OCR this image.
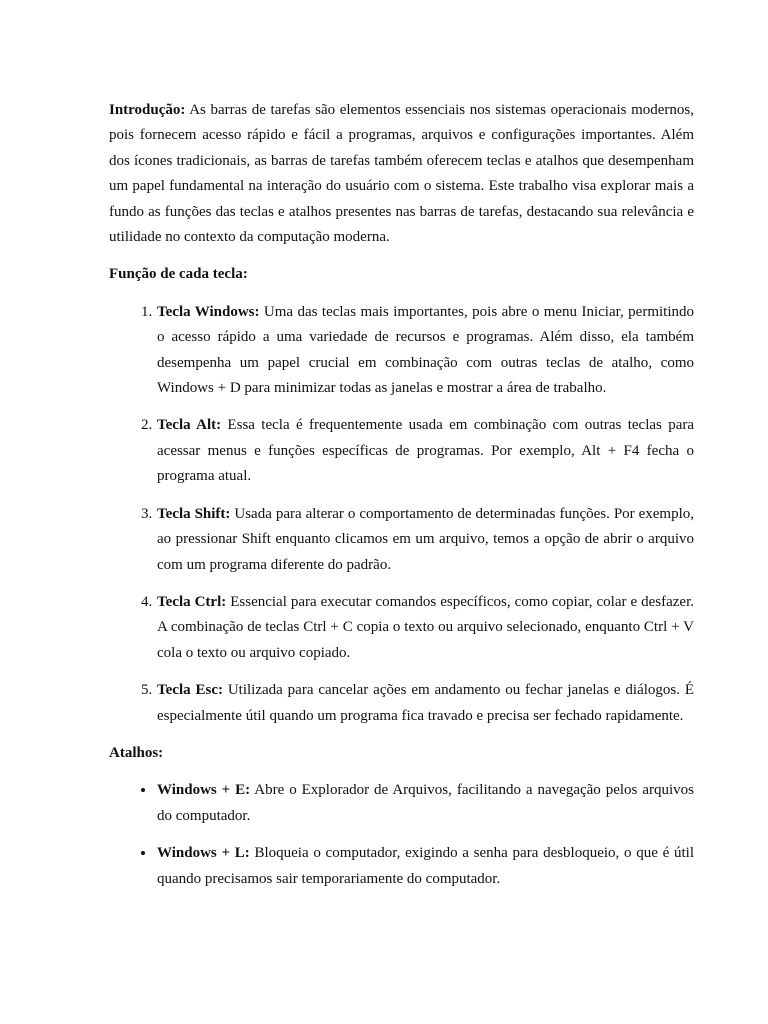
Introdução: As barras de tarefas são elementos essenciais nos sistemas operacionais modernos, pois fornecem acesso rápido e fácil a programas, arquivos e configurações importantes. Além dos ícones tradicionais, as barras de tarefas também oferecem teclas e atalhos que desempenham um papel fundamental na interação do usuário com o sistema. Este trabalho visa explorar mais a fundo as funções das teclas e atalhos presentes nas barras de tarefas, destacando sua relevância e utilidade no contexto da computação moderna.

Função de cada tecla:

1. Tecla Windows: Uma das teclas mais importantes, pois abre o menu Iniciar, permitindo o acesso rápido a uma variedade de recursos e programas. Além disso, ela também desempenha um papel crucial em combinação com outras teclas de atalho, como Windows + D para minimizar todas as janelas e mostrar a área de trabalho.
2. Tecla Alt: Essa tecla é frequentemente usada em combinação com outras teclas para acessar menus e funções específicas de programas. Por exemplo, Alt + F4 fecha o programa atual.
3. Tecla Shift: Usada para alterar o comportamento de determinadas funções. Por exemplo, ao pressionar Shift enquanto clicamos em um arquivo, temos a opção de abrir o arquivo com um programa diferente do padrão.
4. Tecla Ctrl: Essencial para executar comandos específicos, como copiar, colar e desfazer. A combinação de teclas Ctrl + C copia o texto ou arquivo selecionado, enquanto Ctrl + V cola o texto ou arquivo copiado.
5. Tecla Esc: Utilizada para cancelar ações em andamento ou fechar janelas e diálogos. É especialmente útil quando um programa fica travado e precisa ser fechado rapidamente.

Atalhos:

• Windows + E: Abre o Explorador de Arquivos, facilitando a navegação pelos arquivos do computador.
• Windows + L: Bloqueia o computador, exigindo a senha para desbloqueio, o que é útil quando precisamos sair temporariamente do computador.
